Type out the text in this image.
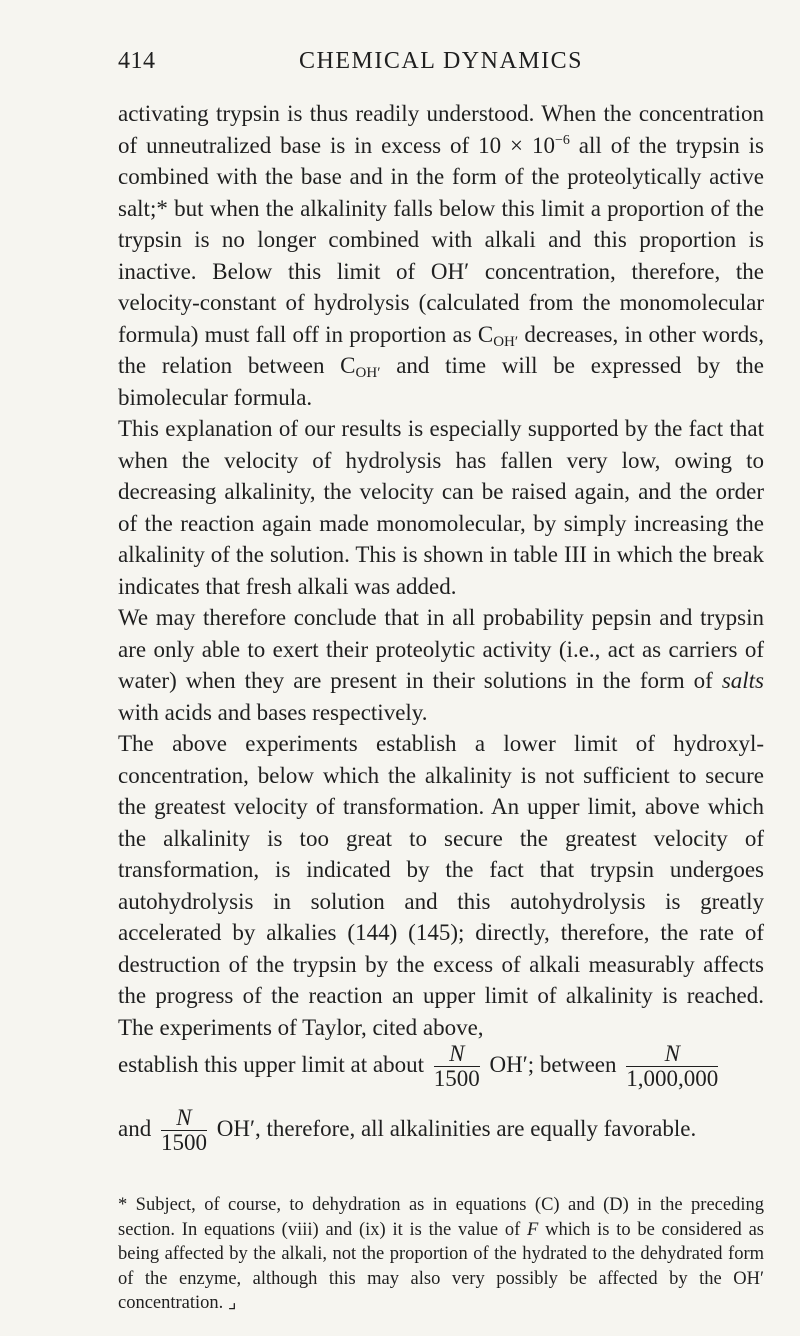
414	CHEMICAL DYNAMICS

activating trypsin is thus readily understood. When the concentration of unneutralized base is in excess of $10 \times 10^{-6}$ all of the trypsin is combined with the base and in the form of the proteolytically active salt;* but when the alkalinity falls below this limit a proportion of the trypsin is no longer combined with alkali and this proportion is inactive. Below this limit of OH′ concentration, therefore, the velocity-constant of hydrolysis (calculated from the monomolecular formula) must fall off in proportion as $C_{OH'}$ decreases, in other words, the relation between $C_{OH'}$ and time will be expressed by the bimolecular formula.

This explanation of our results is especially supported by the fact that when the velocity of hydrolysis has fallen very low, owing to decreasing alkalinity, the velocity can be raised again, and the order of the reaction again made monomolecular, by simply increasing the alkalinity of the solution. This is shown in table III in which the break indicates that fresh alkali was added.

We may therefore conclude that in all probability pepsin and trypsin are only able to exert their proteolytic activity (i.e., act as carriers of water) when they are present in their solutions in the form of salts with acids and bases respectively.

The above experiments establish a lower limit of hydroxyl-concentration, below which the alkalinity is not sufficient to secure the greatest velocity of transformation. An upper limit, above which the alkalinity is too great to secure the greatest velocity of transformation, is indicated by the fact that trypsin undergoes autohydrolysis in solution and this autohydrolysis is greatly accelerated by alkalies (144) (145); directly, therefore, the rate of destruction of the trypsin by the excess of alkali measurably affects the progress of the reaction an upper limit of alkalinity is reached. The experiments of Taylor, cited above,

establish this upper limit at about $\frac{N}{1500} OH'$; between $\frac{N}{1,000,000}$
and $\frac{N}{1500} OH'$, therefore, all alkalinities are equally favorable.
* Subject, of course, to dehydration as in equations (C) and (D) in the preceding section. In equations (viii) and (ix) it is the value of F which is to be considered as being affected by the alkali, not the proportion of the hydrated to the dehydrated form of the enzyme, although this may also very possibly be affected by the OH′ concentration. ⌟
